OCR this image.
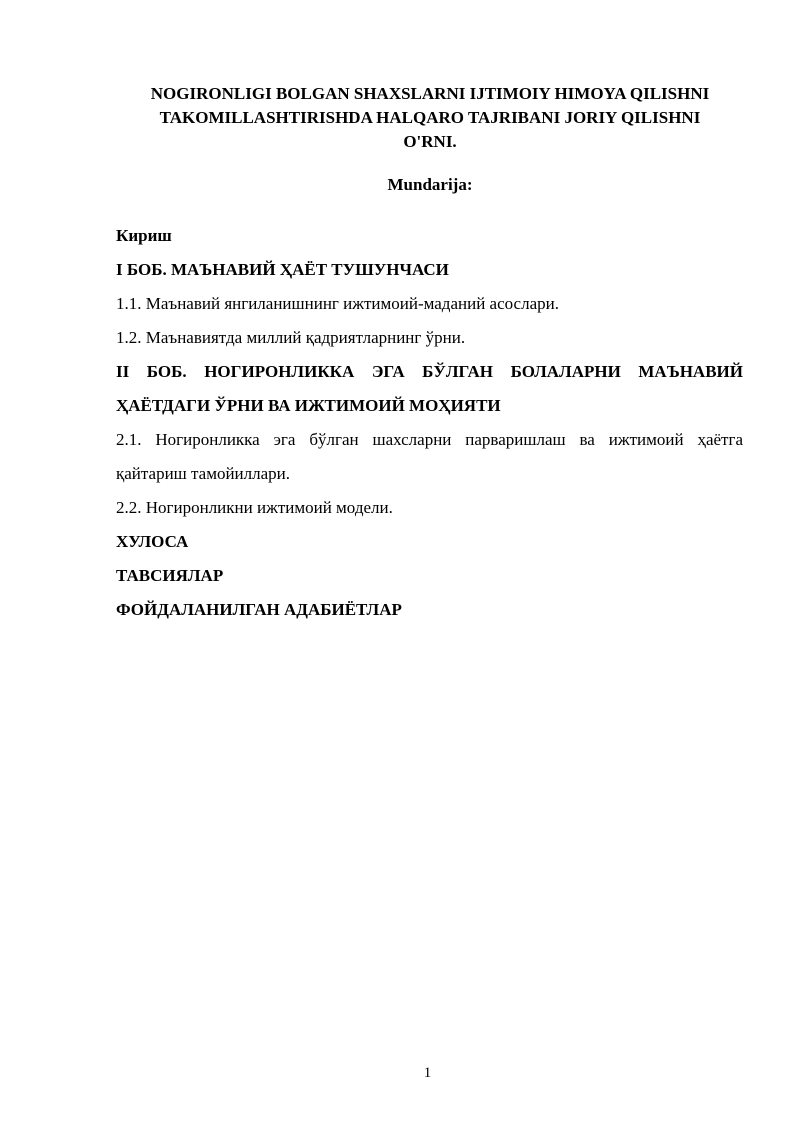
NOGIRONLIGI BOLGAN SHAXSLARNI IJTIMOIY HIMOYA QILISHNI
TAKOMILLASHTIRISHDA HALQARO TAJRIBANI JORIY QILISHNI
O'RNI.
Mundarija:
Кириш
I БОБ. МАЪНАВИЙ ҲАЁТ ТУШУНЧАСИ
1.1. Маънавий янгиланишнинг ижтимоий-маданий асослари.
1.2. Маънавиятда миллий қадриятларнинг ўрни.
II БОБ. НОГИРОНЛИККА ЭГА БЎЛГАН БОЛАЛАРНИ МАЪНАВИЙ
ҲАЁТДАГИ ЎРНИ ВА ИЖТИМОИЙ МОҲИЯТИ
2.1. Ногиронликка эга бўлган шахсларни парваришлаш ва ижтимоий ҳаётга
қайтариш тамойиллари.
2.2. Ногиронликни ижтимоий модели.
ХУЛОСА
ТАВСИЯЛАР
ФОЙДАЛАНИЛГАН АДАБИЁТЛАР
1
